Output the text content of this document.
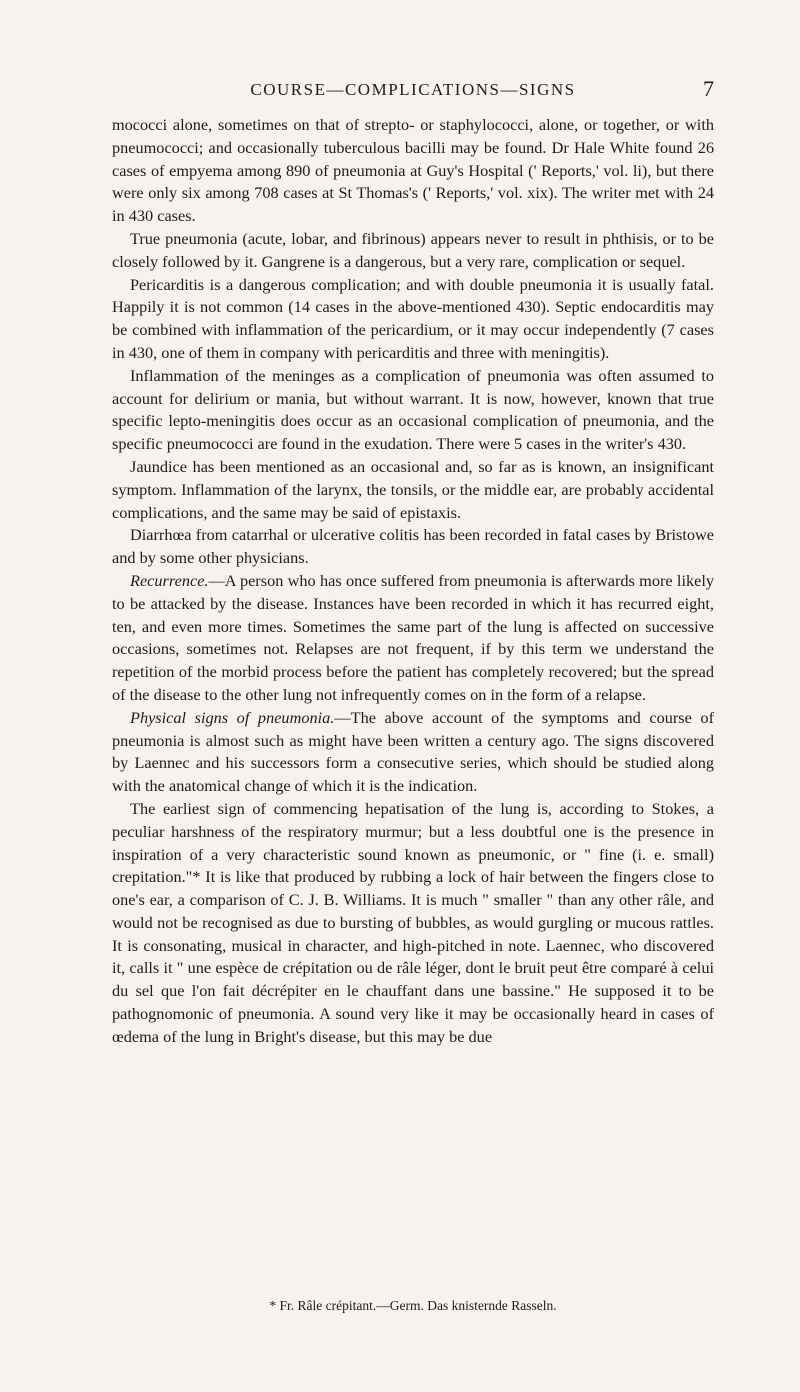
COURSE—COMPLICATIONS—SIGNS	7

mococci alone, sometimes on that of strepto- or staphylococci, alone, or together, or with pneumococci; and occasionally tuberculous bacilli may be found. Dr Hale White found 26 cases of empyema among 890 of pneumonia at Guy's Hospital (' Reports,' vol. li), but there were only six among 708 cases at St Thomas's (' Reports,' vol. xix). The writer met with 24 in 430 cases.

True pneumonia (acute, lobar, and fibrinous) appears never to result in phthisis, or to be closely followed by it. Gangrene is a dangerous, but a very rare, complication or sequel.

Pericarditis is a dangerous complication; and with double pneumonia it is usually fatal. Happily it is not common (14 cases in the above-mentioned 430). Septic endocarditis may be combined with inflammation of the pericardium, or it may occur independently (7 cases in 430, one of them in company with pericarditis and three with meningitis).

Inflammation of the meninges as a complication of pneumonia was often assumed to account for delirium or mania, but without warrant. It is now, however, known that true specific lepto-meningitis does occur as an occasional complication of pneumonia, and the specific pneumococci are found in the exudation. There were 5 cases in the writer's 430.

Jaundice has been mentioned as an occasional and, so far as is known, an insignificant symptom. Inflammation of the larynx, the tonsils, or the middle ear, are probably accidental complications, and the same may be said of epistaxis.

Diarrhœa from catarrhal or ulcerative colitis has been recorded in fatal cases by Bristowe and by some other physicians.

Recurrence.—A person who has once suffered from pneumonia is afterwards more likely to be attacked by the disease. Instances have been recorded in which it has recurred eight, ten, and even more times. Sometimes the same part of the lung is affected on successive occasions, sometimes not. Relapses are not frequent, if by this term we understand the repetition of the morbid process before the patient has completely recovered; but the spread of the disease to the other lung not infrequently comes on in the form of a relapse.

Physical signs of pneumonia.—The above account of the symptoms and course of pneumonia is almost such as might have been written a century ago. The signs discovered by Laennec and his successors form a consecutive series, which should be studied along with the anatomical change of which it is the indication.

The earliest sign of commencing hepatisation of the lung is, according to Stokes, a peculiar harshness of the respiratory murmur; but a less doubtful one is the presence in inspiration of a very characteristic sound known as pneumonic, or " fine (i. e. small) crepitation."* It is like that produced by rubbing a lock of hair between the fingers close to one's ear, a comparison of C. J. B. Williams. It is much " smaller " than any other râle, and would not be recognised as due to bursting of bubbles, as would gurgling or mucous rattles. It is consonating, musical in character, and high-pitched in note. Laennec, who discovered it, calls it " une espèce de crépitation ou de râle léger, dont le bruit peut être comparé à celui du sel que l'on fait décrépiter en le chauffant dans une bassine." He supposed it to be pathognomonic of pneumonia. A sound very like it may be occasionally heard in cases of œdema of the lung in Bright's disease, but this may be due

* Fr. Râle crépitant.—Germ. Das knisternde Rasseln.
